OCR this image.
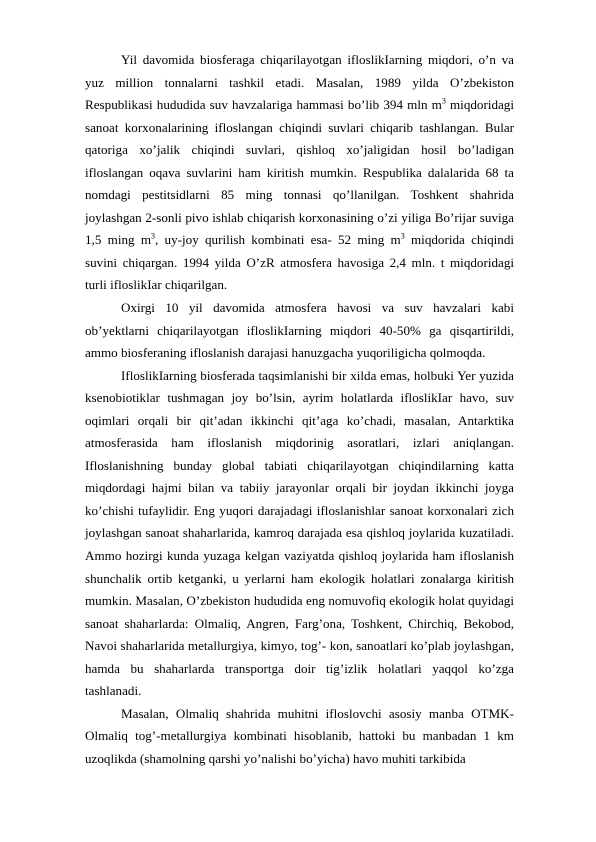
Yil davomida biosferaga chiqarilayotgan ifloslikIarning miqdori, o’n va yuz million tonnalarni tashkil etadi. Masalan, 1989 yilda O’zbekiston Respublikasi hududida suv havzalariga hammasi bo’lib 394 mln $m^3$ miqdoridagi sanoat korxonalarining ifloslangan chiqindi suvlari chiqarib tashlangan. Bular qatoriga xo’jalik chiqindi suvlari, qishloq xo’jaligidan hosil bo’ladigan ifloslangan oqava suvlarini ham kiritish mumkin. Respublika dalalarida 68 ta nomdagi pestitsidlarni 85 ming tonnasi qo’llanilgan. Toshkent shahrida joylashgan 2-sonli pivo ishlab chiqarish korxonasining o’zi yiliga Bo’rijar suviga 1,5 ming $m^3$, uy-joy qurilish kombinati esa- 52 ming $m^3$ miqdorida chiqindi suvini chiqargan. 1994 yilda O’zR atmosfera havosiga 2,4 mln. t miqdoridagi turli ifloslikIar chiqarilgan.

Oxirgi 10 yil davomida atmosfera havosi va suv havzalari kabi ob’yektlarni chiqarilayotgan ifloslikIarning miqdori 40-50% ga qisqartirildi, ammo biosferaning ifloslanish darajasi hanuzgacha yuqoriligicha qolmoqda.

IfloslikIarning biosferada taqsimlanishi bir xilda emas, holbuki Yer yuzida ksenobiotiklar tushmagan joy bo’lsin, ayrim holatlarda ifloslikIar havo, suv oqimlari orqali bir qit’adan ikkinchi qit’aga ko’chadi, masalan, Antarktika atmosferasida ham ifloslanish miqdorinig asoratlari, izlari aniqlangan. Ifloslanishning bunday global tabiati chiqarilayotgan chiqindilarning katta miqdordagi hajmi bilan va tabiiy jarayonlar orqali bir joydan ikkinchi joyga ko’chishi tufaylidir. Eng yuqori darajadagi ifloslanishlar sanoat korxonalari zich joylashgan sanoat shaharlarida, kamroq darajada esa qishloq joylarida kuzatiladi. Ammo hozirgi kunda yuzaga kelgan vaziyatda qishloq joylarida ham ifloslanish shunchalik ortib ketganki, u yerlarni ham ekologik holatlari zonalarga kiritish mumkin. Masalan, O’zbekiston hududida eng nomuvofiq ekologik holat quyidagi sanoat shaharlarda: Olmaliq, Angren, Farg’ona, Toshkent, Chirchiq, Bekobod, Navoi shaharlarida metallurgiya, kimyo, tog’- kon, sanoatlari ko’plab joylashgan, hamda bu shaharlarda transportga doir tig’izlik holatlari yaqqol ko’zga tashlanadi.

Masalan, Olmaliq shahrida muhitni ifloslovchi asosiy manba OTMK-Olmaliq tog’-metallurgiya kombinati hisoblanib, hattoki bu manbadan 1 km uzoqlikda (shamolning qarshi yo’nalishi bo’yicha) havo muhiti tarkibida
